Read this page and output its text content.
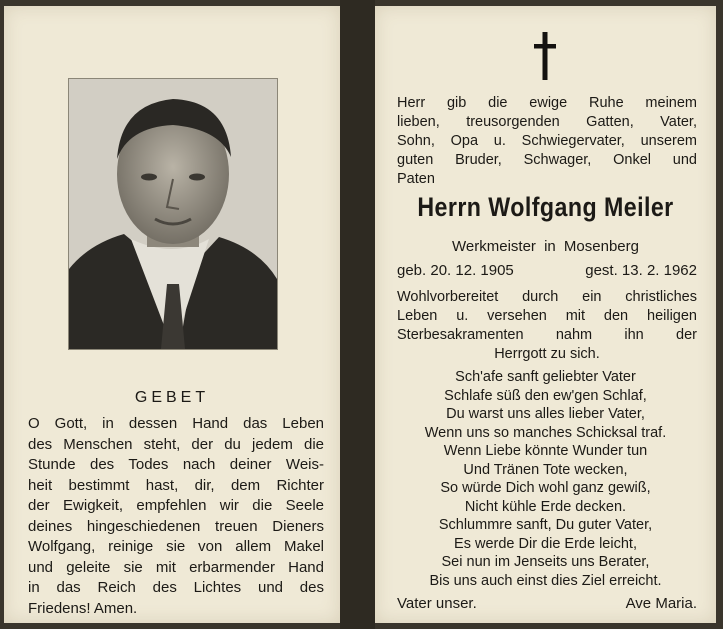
GEBET
O Gott, in dessen Hand das Leben
des Menschen steht, der du jedem die
Stunde des Todes nach deiner Weis-
heit bestimmt hast, dir, dem Richter
der Ewigkeit, empfehlen wir die Seele
deines hingeschiedenen treuen Dieners
Wolfgang, reinige sie von allem Makel
und geleite sie mit erbarmender Hand
in das Reich des Lichtes und des
Friedens! Amen.
Herr gib die ewige Ruhe meinem
lieben, treusorgenden Gatten, Vater,
Sohn, Opa u. Schwiegervater, unserem
guten Bruder, Schwager, Onkel und
Paten
Herrn Wolfgang Meiler
Werkmeister in Mosenberg
geb. 20. 12. 1905	gest. 13. 2. 1962
Wohlvorbereitet durch ein christliches
Leben u. versehen mit den heiligen
Sterbesakramenten nahm ihn der
Herrgott zu sich.
Sch'afe sanft geliebter Vater
Schlafe süß den ew'gen Schlaf,
Du warst uns alles lieber Vater,
Wenn uns so manches Schicksal traf.
Wenn Liebe könnte Wunder tun
Und Tränen Tote wecken,
So würde Dich wohl ganz gewiß,
Nicht kühle Erde decken.
Schlummre sanft, Du guter Vater,
Es werde Dir die Erde leicht,
Sei nun im Jenseits uns Berater,
Bis uns auch einst dies Ziel erreicht.
Vater unser.	Ave Maria.
